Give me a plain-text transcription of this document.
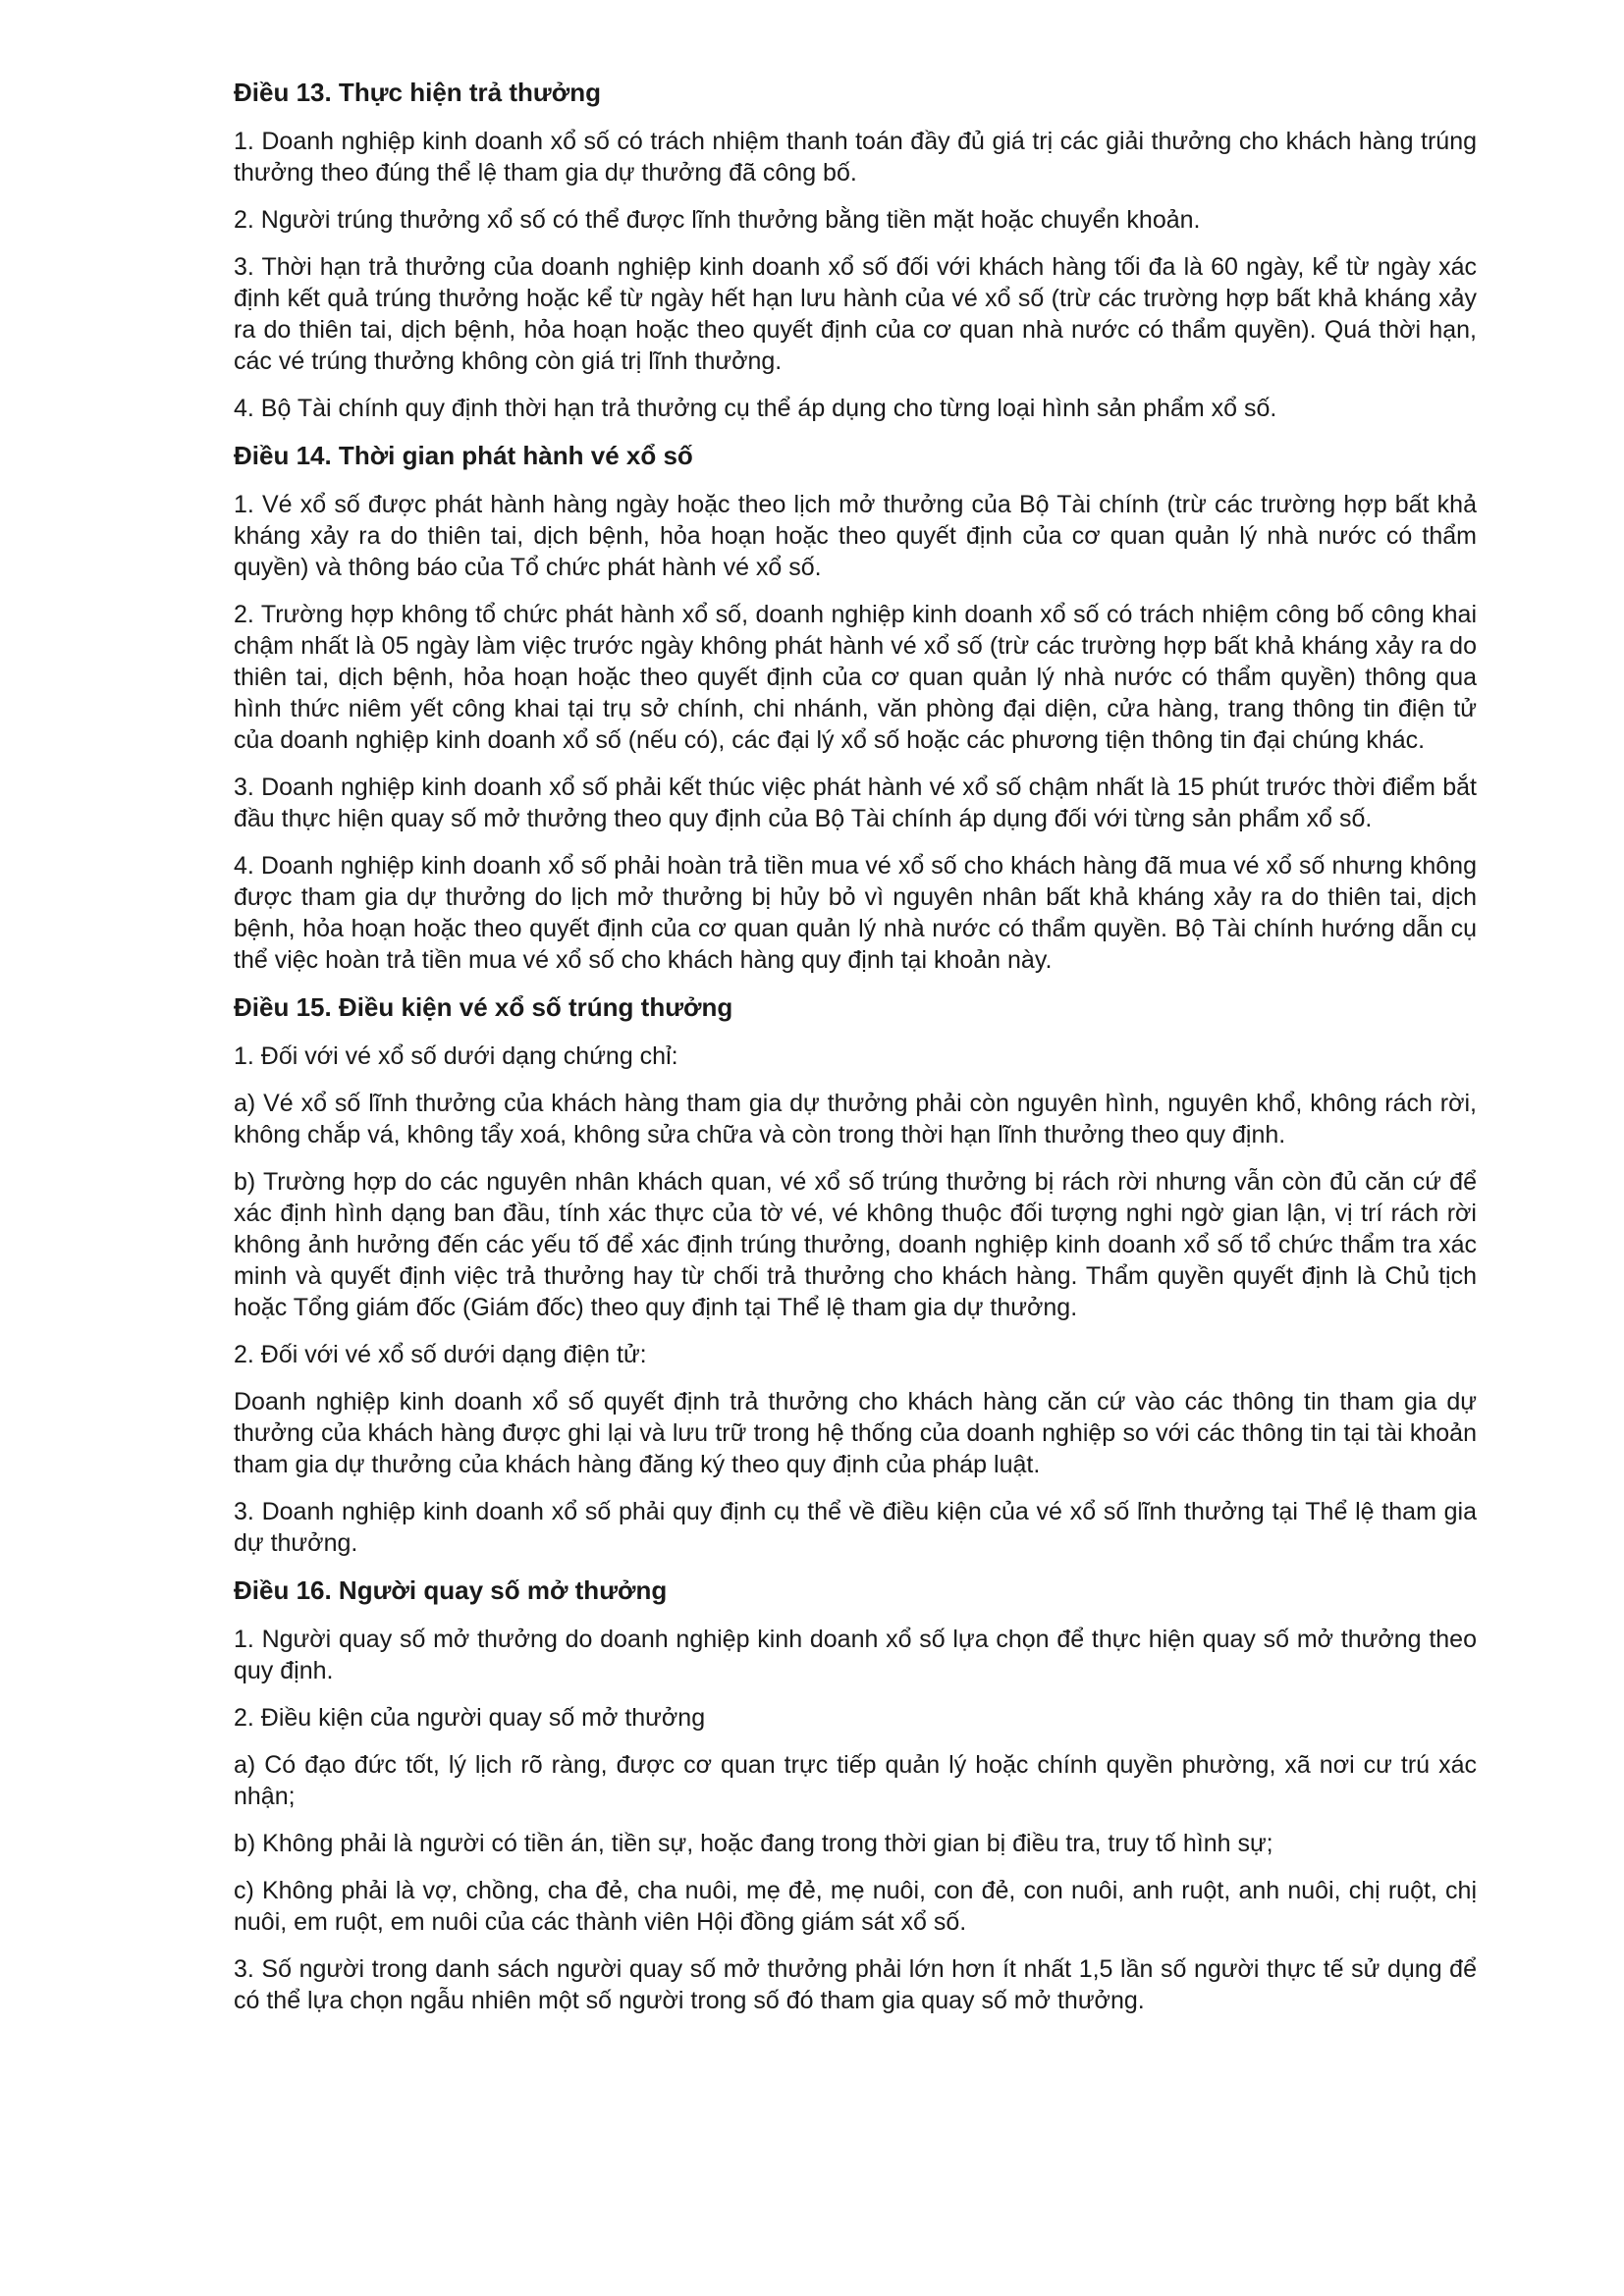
Điều 13. Thực hiện trả thưởng

1. Doanh nghiệp kinh doanh xổ số có trách nhiệm thanh toán đầy đủ giá trị các giải thưởng cho khách hàng trúng thưởng theo đúng thể lệ tham gia dự thưởng đã công bố.

2. Người trúng thưởng xổ số có thể được lĩnh thưởng bằng tiền mặt hoặc chuyển khoản.

3. Thời hạn trả thưởng của doanh nghiệp kinh doanh xổ số đối với khách hàng tối đa là 60 ngày, kể từ ngày xác định kết quả trúng thưởng hoặc kể từ ngày hết hạn lưu hành của vé xổ số (trừ các trường hợp bất khả kháng xảy ra do thiên tai, dịch bệnh, hỏa hoạn hoặc theo quyết định của cơ quan nhà nước có thẩm quyền). Quá thời hạn, các vé trúng thưởng không còn giá trị lĩnh thưởng.

4. Bộ Tài chính quy định thời hạn trả thưởng cụ thể áp dụng cho từng loại hình sản phẩm xổ số.

Điều 14. Thời gian phát hành vé xổ số

1. Vé xổ số được phát hành hàng ngày hoặc theo lịch mở thưởng của Bộ Tài chính (trừ các trường hợp bất khả kháng xảy ra do thiên tai, dịch bệnh, hỏa hoạn hoặc theo quyết định của cơ quan quản lý nhà nước có thẩm quyền) và thông báo của Tổ chức phát hành vé xổ số.

2. Trường hợp không tổ chức phát hành xổ số, doanh nghiệp kinh doanh xổ số có trách nhiệm công bố công khai chậm nhất là 05 ngày làm việc trước ngày không phát hành vé xổ số (trừ các trường hợp bất khả kháng xảy ra do thiên tai, dịch bệnh, hỏa hoạn hoặc theo quyết định của cơ quan quản lý nhà nước có thẩm quyền) thông qua hình thức niêm yết công khai tại trụ sở chính, chi nhánh, văn phòng đại diện, cửa hàng, trang thông tin điện tử của doanh nghiệp kinh doanh xổ số (nếu có), các đại lý xổ số hoặc các phương tiện thông tin đại chúng khác.

3. Doanh nghiệp kinh doanh xổ số phải kết thúc việc phát hành vé xổ số chậm nhất là 15 phút trước thời điểm bắt đầu thực hiện quay số mở thưởng theo quy định của Bộ Tài chính áp dụng đối với từng sản phẩm xổ số.

4. Doanh nghiệp kinh doanh xổ số phải hoàn trả tiền mua vé xổ số cho khách hàng đã mua vé xổ số nhưng không được tham gia dự thưởng do lịch mở thưởng bị hủy bỏ vì nguyên nhân bất khả kháng xảy ra do thiên tai, dịch bệnh, hỏa hoạn hoặc theo quyết định của cơ quan quản lý nhà nước có thẩm quyền. Bộ Tài chính hướng dẫn cụ thể việc hoàn trả tiền mua vé xổ số cho khách hàng quy định tại khoản này.

Điều 15. Điều kiện vé xổ số trúng thưởng

1. Đối với vé xổ số dưới dạng chứng chỉ:

a) Vé xổ số lĩnh thưởng của khách hàng tham gia dự thưởng phải còn nguyên hình, nguyên khổ, không rách rời, không chắp vá, không tẩy xoá, không sửa chữa và còn trong thời hạn lĩnh thưởng theo quy định.

b) Trường hợp do các nguyên nhân khách quan, vé xổ số trúng thưởng bị rách rời nhưng vẫn còn đủ căn cứ để xác định hình dạng ban đầu, tính xác thực của tờ vé, vé không thuộc đối tượng nghi ngờ gian lận, vị trí rách rời không ảnh hưởng đến các yếu tố để xác định trúng thưởng, doanh nghiệp kinh doanh xổ số tổ chức thẩm tra xác minh và quyết định việc trả thưởng hay từ chối trả thưởng cho khách hàng. Thẩm quyền quyết định là Chủ tịch hoặc Tổng giám đốc (Giám đốc) theo quy định tại Thể lệ tham gia dự thưởng.

2. Đối với vé xổ số dưới dạng điện tử:

Doanh nghiệp kinh doanh xổ số quyết định trả thưởng cho khách hàng căn cứ vào các thông tin tham gia dự thưởng của khách hàng được ghi lại và lưu trữ trong hệ thống của doanh nghiệp so với các thông tin tại tài khoản tham gia dự thưởng của khách hàng đăng ký theo quy định của pháp luật.

3. Doanh nghiệp kinh doanh xổ số phải quy định cụ thể về điều kiện của vé xổ số lĩnh thưởng tại Thể lệ tham gia dự thưởng.

Điều 16. Người quay số mở thưởng

1. Người quay số mở thưởng do doanh nghiệp kinh doanh xổ số lựa chọn để thực hiện quay số mở thưởng theo quy định.

2. Điều kiện của người quay số mở thưởng

a) Có đạo đức tốt, lý lịch rõ ràng, được cơ quan trực tiếp quản lý hoặc chính quyền phường, xã nơi cư trú xác nhận;

b) Không phải là người có tiền án, tiền sự, hoặc đang trong thời gian bị điều tra, truy tố hình sự;

c) Không phải là vợ, chồng, cha đẻ, cha nuôi, mẹ đẻ, mẹ nuôi, con đẻ, con nuôi, anh ruột, anh nuôi, chị ruột, chị nuôi, em ruột, em nuôi của các thành viên Hội đồng giám sát xổ số.

3. Số người trong danh sách người quay số mở thưởng phải lớn hơn ít nhất 1,5 lần số người thực tế sử dụng để có thể lựa chọn ngẫu nhiên một số người trong số đó tham gia quay số mở thưởng.
